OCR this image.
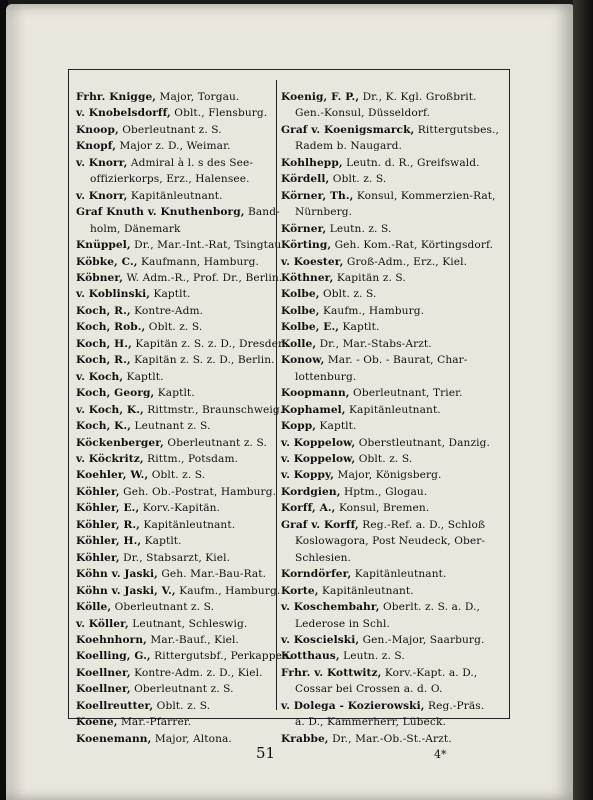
Frhr. Knigge, Major, Torgau.
v. Knobelsdorff, Oblt., Flensburg.
Knoop, Oberleutnant z. S.
Knopf, Major z. D., Weimar.
v. Knorr, Admiral à l. s des See-
offizierkorps, Erz., Halensee.
v. Knorr, Kapitänleutnant.
Graf Knuth v. Knuthenborg, Band-
holm, Dänemark
Knüppel, Dr., Mar.-Int.-Rat, Tsingtau.
Köbke, C., Kaufmann, Hamburg.
Köbner, W. Adm.-R., Prof. Dr., Berlin.
v. Koblinski, Kaptlt.
Koch, R., Kontre-Adm.
Koch, Rob., Oblt. z. S.
Koch, H., Kapitän z. S. z. D., Dresden.
Koch, R., Kapitän z. S. z. D., Berlin.
v. Koch, Kaptlt.
Koch, Georg, Kaptlt.
v. Koch, K., Rittmstr., Braunschweig.
Koch, K., Leutnant z. S.
Köckenberger, Oberleutnant z. S.
v. Köckritz, Rittm., Potsdam.
Koehler, W., Oblt. z. S.
Köhler, Geh. Ob.-Postrat, Hamburg.
Köhler, E., Korv.-Kapitän.
Köhler, R., Kapitänleutnant.
Köhler, H., Kaptlt.
Köhler, Dr., Stabsarzt, Kiel.
Köhn v. Jaski, Geh. Mar.-Bau-Rat.
Köhn v. Jaski, V., Kaufm., Hamburg.
Kölle, Oberleutnant z. S.
v. Köller, Leutnant, Schleswig.
Koehnhorn, Mar.-Bauf., Kiel.
Koelling, G., Rittergutsbf., Perkappen.
Koellner, Kontre-Adm. z. D., Kiel.
Koellner, Oberleutnant z. S.
Koellreutter, Oblt. z. S.
Koene, Mar.-Pfarrer.
Koenemann, Major, Altona.
Koenig, F. P., Dr., K. Kgl. Großbrit.
Gen.-Konsul, Düsseldorf.
Graf v. Koenigsmarck, Rittergutsbes.,
Radem b. Naugard.
Kohlhepp, Leutn. d. R., Greifswald.
Kördell, Oblt. z. S.
Körner, Th., Konsul, Kommerzien-Rat,
Nürnberg.
Körner, Leutn. z. S.
Körting, Geh. Kom.-Rat, Körtingsdorf.
v. Koester, Groß-Adm., Erz., Kiel.
Köthner, Kapitän z. S.
Kolbe, Oblt. z. S.
Kolbe, Kaufm., Hamburg.
Kolbe, E., Kaptlt.
Kolle, Dr., Mar.-Stabs-Arzt.
Konow, Mar. - Ob. - Baurat, Char-
lottenburg.
Koopmann, Oberleutnant, Trier.
Kophamel, Kapitänleutnant.
Kopp, Kaptlt.
v. Koppelow, Oberstleutnant, Danzig.
v. Koppelow, Oblt. z. S.
v. Koppy, Major, Königsberg.
Kordgien, Hptm., Glogau.
Korff, A., Konsul, Bremen.
Graf v. Korff, Reg.-Ref. a. D., Schloß
Koslowagora, Post Neudeck, Ober-
Schlesien.
Korndörfer, Kapitänleutnant.
Korte, Kapitänleutnant.
v. Koschembahr, Oberlt. z. S. a. D.,
Lederose in Schl.
v. Koscielski, Gen.-Major, Saarburg.
Kotthaus, Leutn. z. S.
Frhr. v. Kottwitz, Korv.-Kapt. a. D.,
Cossar bei Crossen a. d. O.
v. Dolega - Kozierowski, Reg.-Präs.
a. D., Kammerherr, Lübeck.
Krabbe, Dr., Mar.-Ob.-St.-Arzt.
51	4*
